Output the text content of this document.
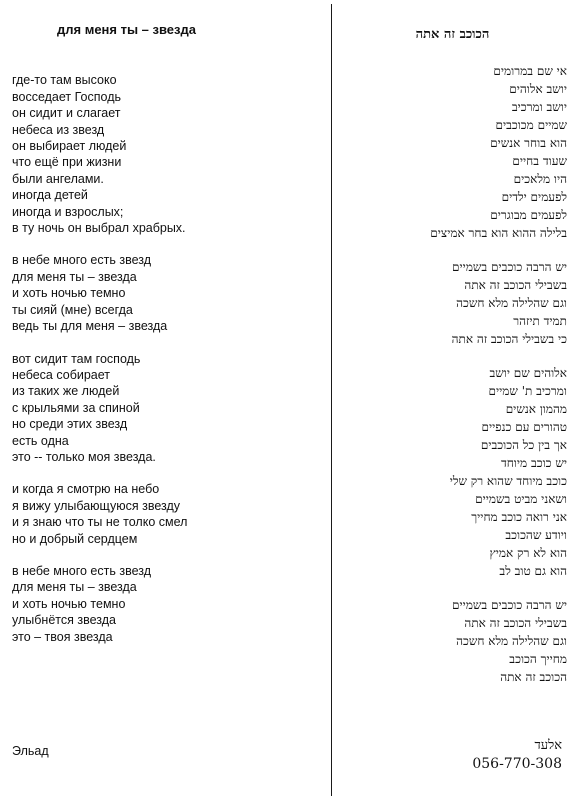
для меня ты – звезда
где-то там высоко
восседает Господь
он сидит и слагает
небеса из звезд
он выбирает людей
что ещё при жизни
были ангелами.
иногда детей
иногда и взрослых;
в ту ночь он выбрал храбрых.
в небе много есть звезд
для меня ты – звезда
и хоть ночью темно
ты сияй (мне) всегда
ведь ты для меня – звезда
вот сидит там господь
небеса собирает
из таких же людей
с крыльями за спиной
но среди этих звезд
есть одна
это -- только моя звезда.
и когда я смотрю на небо
я вижу улыбающуюся звезду
и я знаю что ты не толко смел
но и добрый сердцем
в небе много есть звезд
для меня ты – звезда
и хоть ночью темно
улыбнётся звезда
это – твоя звезда
Эльад
הכוכב זה אתה
אי שם במרומים
יושב אלוהים
יושב ומרכיב
שמיים מכוכבים
הוא בוחר אנשים
שעוד בחיים
היו מלאכים
לפעמים ילדים
לפעמים מבוגרים
בלילה ההוא הוא בחר אמיצים
יש הרבה כוכבים בשמיים
בשבילי הכוכב זה אתה
וגם שהלילה מלא חשכה
תמיד תיזהר
כי בשבילי הכוכב זה אתה
אלוהים שם יושב
ומרכיב ת' שמיים
מהמון אנשים
טהורים עם כנפיים
אך בין כל הכוכבים
יש כוכב מיוחד
כוכב מיוחד שהוא רק שלי
ושאני מביט בשמיים
אני רואה כוכב מחייך
ויודע שהכוכב
הוא לא רק אמיץ
הוא גם טוב לב
יש הרבה כוכבים בשמיים
בשבילי הכוכב זה אתה
וגם שהלילה מלא חשכה
מחייך הכוכב
הכוכב זה אתה
אלעד
056-770-308
